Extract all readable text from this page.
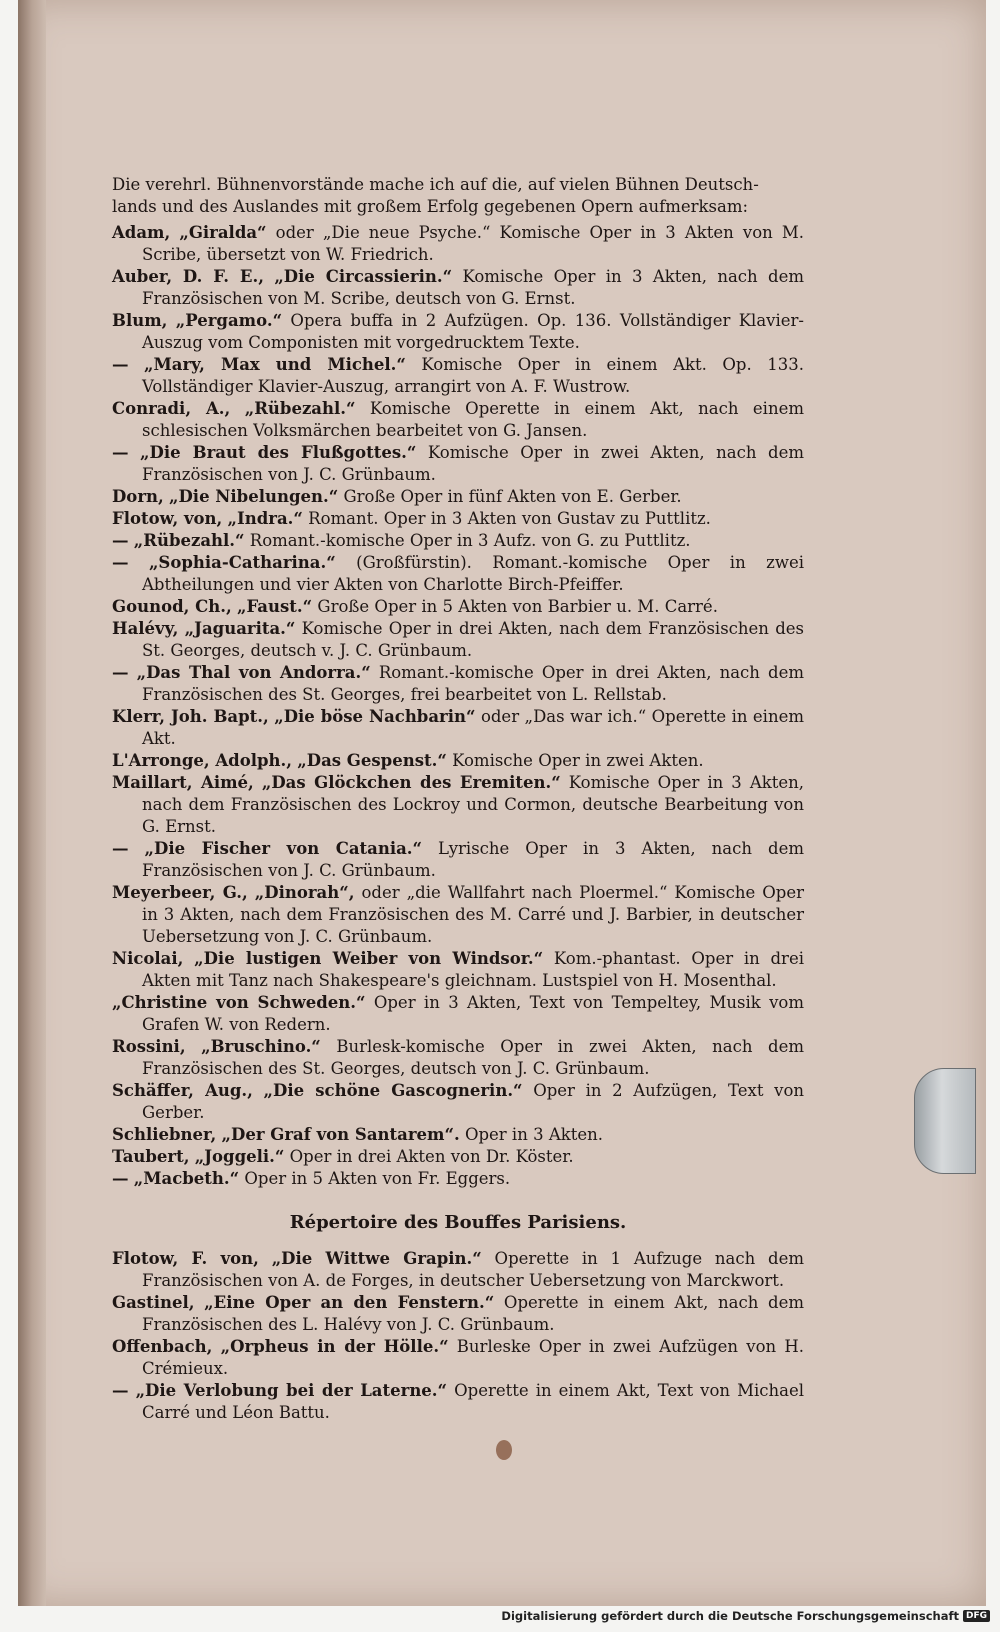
Die verehrl. Bühnenvorstände mache ich auf die, auf vielen Bühnen Deutsch-
lands und des Auslandes mit großem Erfolg gegebenen Opern aufmerksam:

Adam, „Giralda“ oder „Die neue Psyche.“ Komische Oper in 3 Akten von M. Scribe, übersetzt von W. Friedrich.

Auber, D. F. E., „Die Circassierin.“ Komische Oper in 3 Akten, nach dem Französischen von M. Scribe, deutsch von G. Ernst.

Blum, „Pergamo.“ Opera buffa in 2 Aufzügen. Op. 136. Vollständiger Klavier-Auszug vom Componisten mit vorgedrucktem Texte.

— „Mary, Max und Michel.“ Komische Oper in einem Akt. Op. 133. Vollständiger Klavier-Auszug, arrangirt von A. F. Wustrow.

Conradi, A., „Rübezahl.“ Komische Operette in einem Akt, nach einem schlesischen Volksmärchen bearbeitet von G. Jansen.

— „Die Braut des Flußgottes.“ Komische Oper in zwei Akten, nach dem Französischen von J. C. Grünbaum.

Dorn, „Die Nibelungen.“ Große Oper in fünf Akten von E. Gerber.

Flotow, von, „Indra.“ Romant. Oper in 3 Akten von Gustav zu Puttlitz.

— „Rübezahl.“ Romant.-komische Oper in 3 Aufz. von G. zu Puttlitz.

— „Sophia-Catharina.“ (Großfürstin). Romant.-komische Oper in zwei Abtheilungen und vier Akten von Charlotte Birch-Pfeiffer.

Gounod, Ch., „Faust.“ Große Oper in 5 Akten von Barbier u. M. Carré.

Halévy, „Jaguarita.“ Komische Oper in drei Akten, nach dem Französischen des St. Georges, deutsch v. J. C. Grünbaum.

— „Das Thal von Andorra.“ Romant.-komische Oper in drei Akten, nach dem Französischen des St. Georges, frei bearbeitet von L. Rellstab.

Klerr, Joh. Bapt., „Die böse Nachbarin“ oder „Das war ich.“ Operette in einem Akt.

L'Arronge, Adolph., „Das Gespenst.“ Komische Oper in zwei Akten.

Maillart, Aimé, „Das Glöckchen des Eremiten.“ Komische Oper in 3 Akten, nach dem Französischen des Lockroy und Cormon, deutsche Bearbeitung von G. Ernst.

— „Die Fischer von Catania.“ Lyrische Oper in 3 Akten, nach dem Französischen von J. C. Grünbaum.

Meyerbeer, G., „Dinorah“, oder „die Wallfahrt nach Ploermel.“ Komische Oper in 3 Akten, nach dem Französischen des M. Carré und J. Barbier, in deutscher Uebersetzung von J. C. Grünbaum.

Nicolai, „Die lustigen Weiber von Windsor.“ Kom.-phantast. Oper in drei Akten mit Tanz nach Shakespeare's gleichnam. Lustspiel von H. Mosenthal.

„Christine von Schweden.“ Oper in 3 Akten, Text von Tempeltey, Musik vom Grafen W. von Redern.

Rossini, „Bruschino.“ Burlesk-komische Oper in zwei Akten, nach dem Französischen des St. Georges, deutsch von J. C. Grünbaum.

Schäffer, Aug., „Die schöne Gascognerin.“ Oper in 2 Aufzügen, Text von Gerber.

Schliebner, „Der Graf von Santarem“. Oper in 3 Akten.

Taubert, „Joggeli.“ Oper in drei Akten von Dr. Köster.

— „Macbeth.“ Oper in 5 Akten von Fr. Eggers.

Répertoire des Bouffes Parisiens.

Flotow, F. von, „Die Wittwe Grapin.“ Operette in 1 Aufzuge nach dem Französischen von A. de Forges, in deutscher Uebersetzung von Marckwort.

Gastinel, „Eine Oper an den Fenstern.“ Operette in einem Akt, nach dem Französischen des L. Halévy von J. C. Grünbaum.

Offenbach, „Orpheus in der Hölle.“ Burleske Oper in zwei Aufzügen von H. Crémieux.

— „Die Verlobung bei der Laterne.“ Operette in einem Akt, Text von Michael Carré und Léon Battu.

Digitalisierung gefördert durch die Deutsche Forschungsgemeinschaft DFG
